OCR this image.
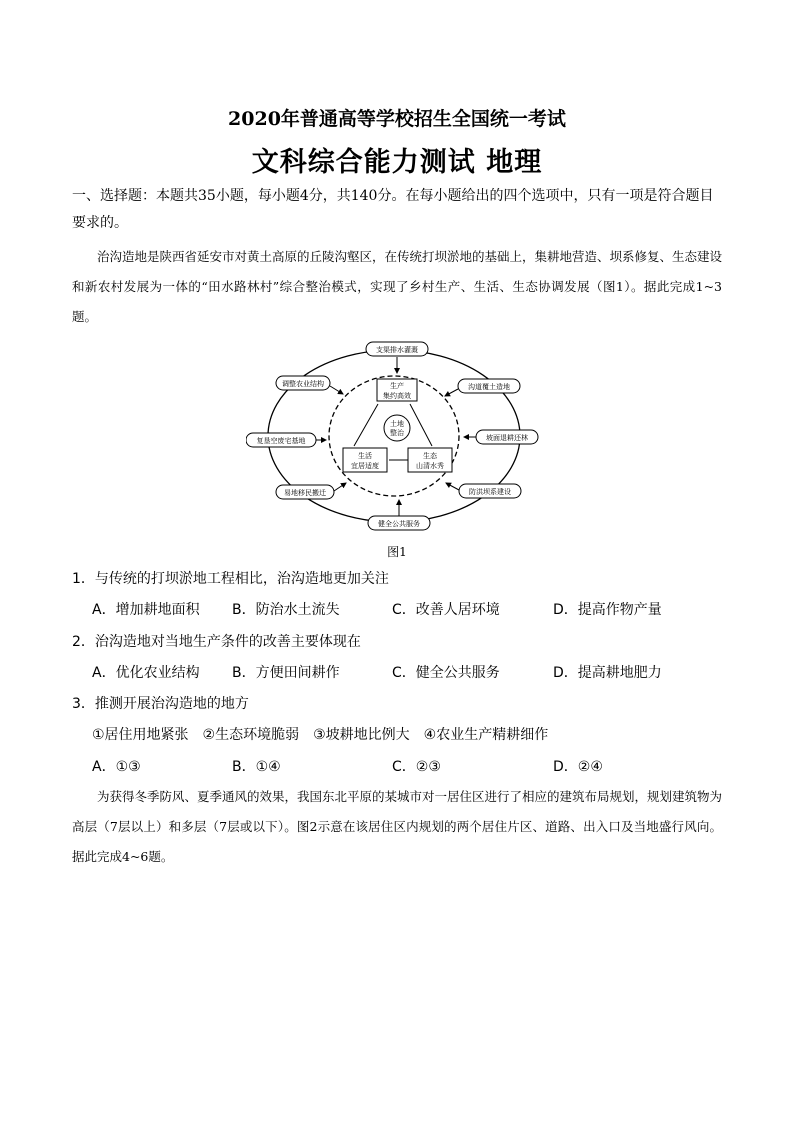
2020年普通高等学校招生全国统一考试
文科综合能力测试 地理
一、选择题：本题共35小题，每小题4分，共140分。在每小题给出的四个选项中，只有一项是符合题目要求的。
治沟造地是陕西省延安市对黄土高原的丘陵沟壑区，在传统打坝淤地的基础上，集耕地营造、坝系修复、生态建设和新农村发展为一体的“田水路林村”综合整治模式，实现了乡村生产、生活、生态协调发展（图1）。据此完成1~3题。
土地
整治
生产
集约高效
生活
宜居适度
生态
山清水秀
支渠排水灌溉
调整农业结构	沟道覆土造地
复垦空废宅基地	坡面退耕还林
易地移民搬迁	防洪坝系建设
健全公共服务
图1
1．与传统的打坝淤地工程相比，治沟造地更加关注
A．增加耕地面积 B．防治水土流失	C．改善人居环境	D．提高作物产量
2．治沟造地对当地生产条件的改善主要体现在
A．优化农业结构 B．方便田间耕作	C．健全公共服务	D．提高耕地肥力
3．推测开展治沟造地的地方
①居住用地紧张　②生态环境脆弱　③坡耕地比例大　④农业生产精耕细作
A．①③	B．①④	C．②③	D．②④
为获得冬季防风、夏季通风的效果，我国东北平原的某城市对一居住区进行了相应的建筑布局规划，规划建筑物为高层（7层以上）和多层（7层或以下）。图2示意在该居住区内规划的两个居住片区、道路、出入口及当地盛行风向。据此完成4~6题。
